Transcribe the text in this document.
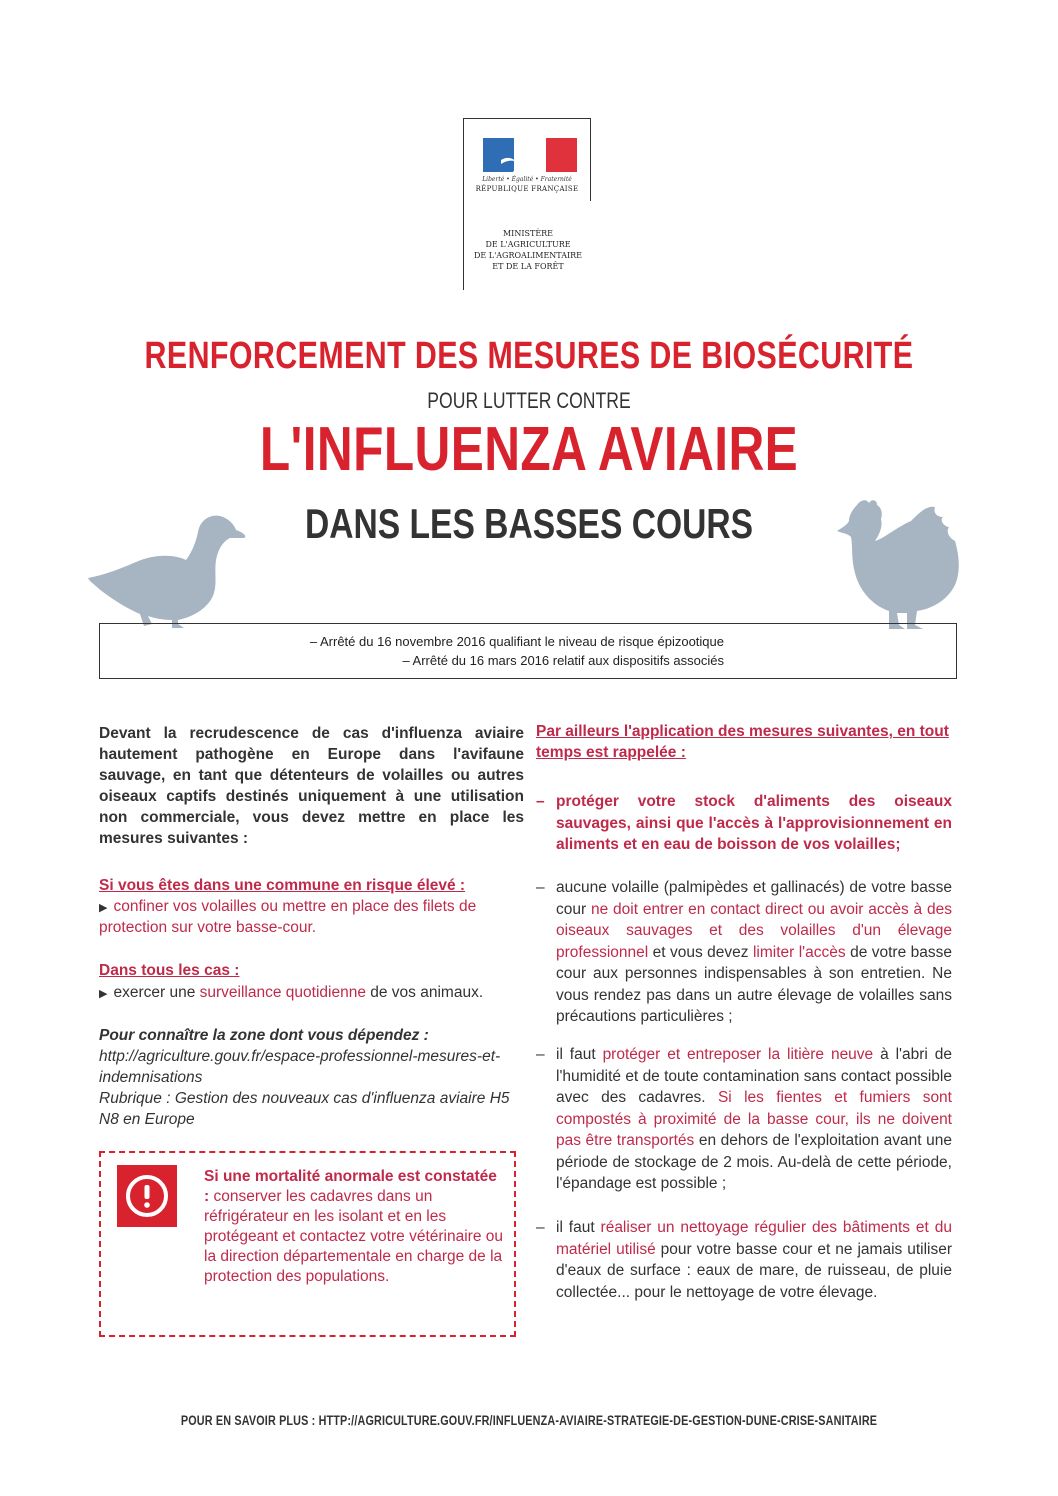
Liberté • Égalité • Fraternité
RÉPUBLIQUE FRANÇAISE
MINISTÈRE
DE L'AGRICULTURE
DE L'AGROALIMENTAIRE
ET DE LA FORÊT
RENFORCEMENT DES MESURES DE BIOSÉCURITÉ
POUR LUTTER CONTRE
L'INFLUENZA AVIAIRE
DANS LES BASSES COURS
– Arrêté du 16 novembre 2016 qualifiant le niveau de risque épizootique
– Arrêté du 16 mars 2016 relatif aux dispositifs associés

Devant la recrudescence de cas d'influenza aviaire hautement pathogène en Europe dans l'avifaune sauvage, en tant que détenteurs de volailles ou autres oiseaux captifs destinés uniquement à une utilisation non commerciale, vous devez mettre en place les mesures suivantes :

Si vous êtes dans une commune en risque élevé :

▶ confiner vos volailles ou mettre en place des filets de protection sur votre basse-cour.

Dans tous les cas :

▶ exercer une surveillance quotidienne de vos animaux.

Pour connaître la zone dont vous dépendez :
http://agriculture.gouv.fr/espace-professionnel-mesures-et-indemnisations
Rubrique : Gestion des nouveaux cas d'influenza aviaire H5 N8 en Europe
Si une mortalité anormale est constatée : conserver les cadavres dans un réfrigérateur en les isolant et en les protégeant et contactez votre vétérinaire ou la direction départementale en charge de la protection des populations.

Par ailleurs l'application des mesures suivantes, en tout temps est rappelée :

– protéger votre stock d'aliments des oiseaux sauvages, ainsi que l'accès à l'approvisionnement en aliments et en eau de boisson de vos volailles;
– aucune volaille (palmipèdes et gallinacés) de votre basse cour ne doit entrer en contact direct ou avoir accès à des oiseaux sauvages et des volailles d'un élevage professionnel et vous devez limiter l'accès de votre basse cour aux personnes indispensables à son entretien. Ne vous rendez pas dans un autre élevage de volailles sans précautions particulières ;
– il faut protéger et entreposer la litière neuve à l'abri de l'humidité et de toute contamination sans contact possible avec des cadavres. Si les fientes et fumiers sont compostés à proximité de la basse cour, ils ne doivent pas être transportés en dehors de l'exploitation avant une période de stockage de 2 mois. Au-delà de cette période, l'épandage est possible ;
– il faut réaliser un nettoyage régulier des bâtiments et du matériel utilisé pour votre basse cour et ne jamais utiliser d'eaux de surface : eaux de mare, de ruisseau, de pluie collectée... pour le nettoyage de votre élevage.
POUR EN SAVOIR PLUS : HTTP://AGRICULTURE.GOUV.FR/INFLUENZA-AVIAIRE-STRATEGIE-DE-GESTION-DUNE-CRISE-SANITAIRE
